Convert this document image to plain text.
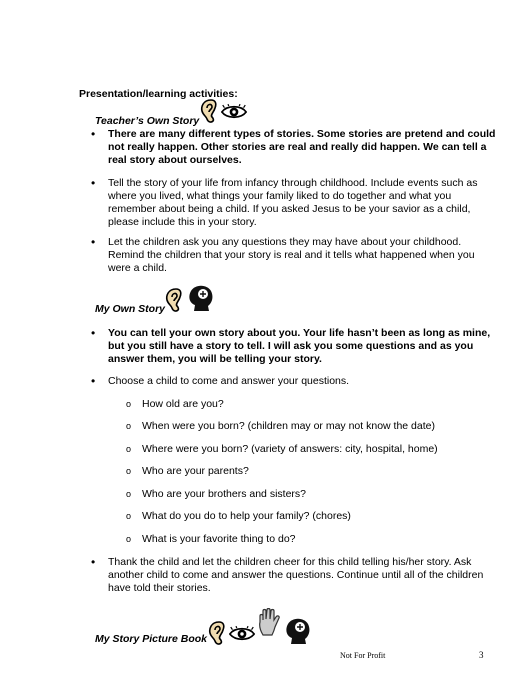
Presentation/learning activities:
Teacher’s Own Story
• There are many different types of stories. Some stories are pretend and could not really happen. Other stories are real and really did happen. We can tell a real story about ourselves.
• Tell the story of your life from infancy through childhood. Include events such as where you lived, what things your family liked to do together and what you remember about being a child. If you asked Jesus to be your savior as a child, please include this in your story.
• Let the children ask you any questions they may have about your childhood. Remind the children that your story is real and it tells what happened when you were a child.
My Own Story
• You can tell your own story about you. Your life hasn’t been as long as mine, but you still have a story to tell. I will ask you some questions and as you answer them, you will be telling your story.
• Choose a child to come and answer your questions.
o How old are you?
o When were you born? (children may or may not know the date)
o Where were you born? (variety of answers: city, hospital, home)
o Who are your parents?
o Who are your brothers and sisters?
o What do you do to help your family? (chores)
o What is your favorite thing to do?
• Thank the child and let the children cheer for this child telling his/her story. Ask another child to come and answer the questions. Continue until all of the children have told their stories.
My Story Picture Book
Not For Profit	3
